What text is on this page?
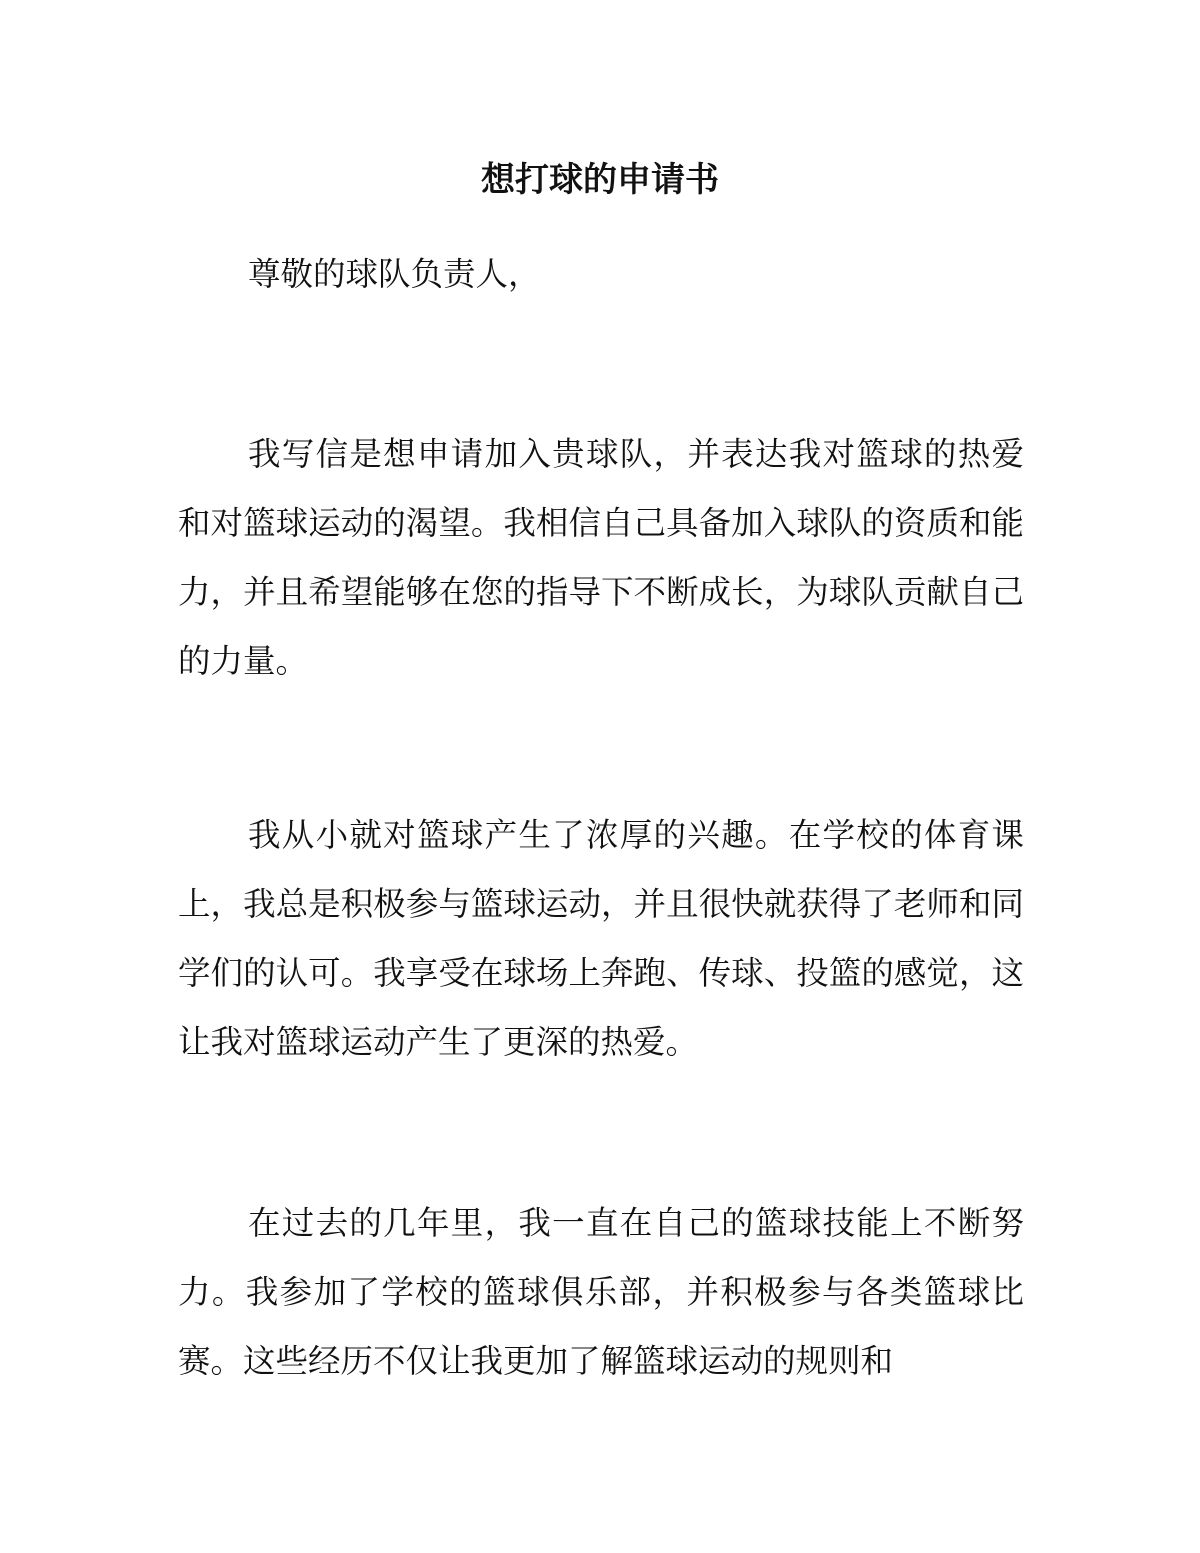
想打球的申请书

尊敬的球队负责人，

我写信是想申请加入贵球队，并表达我对篮球的热爱和对篮球运动的渴望。我相信自己具备加入球队的资质和能力，并且希望能够在您的指导下不断成长，为球队贡献自己的力量。

我从小就对篮球产生了浓厚的兴趣。在学校的体育课上，我总是积极参与篮球运动，并且很快就获得了老师和同学们的认可。我享受在球场上奔跑、传球、投篮的感觉，这让我对篮球运动产生了更深的热爱。

在过去的几年里，我一直在自己的篮球技能上不断努力。我参加了学校的篮球俱乐部，并积极参与各类篮球比赛。这些经历不仅让我更加了解篮球运动的规则和
